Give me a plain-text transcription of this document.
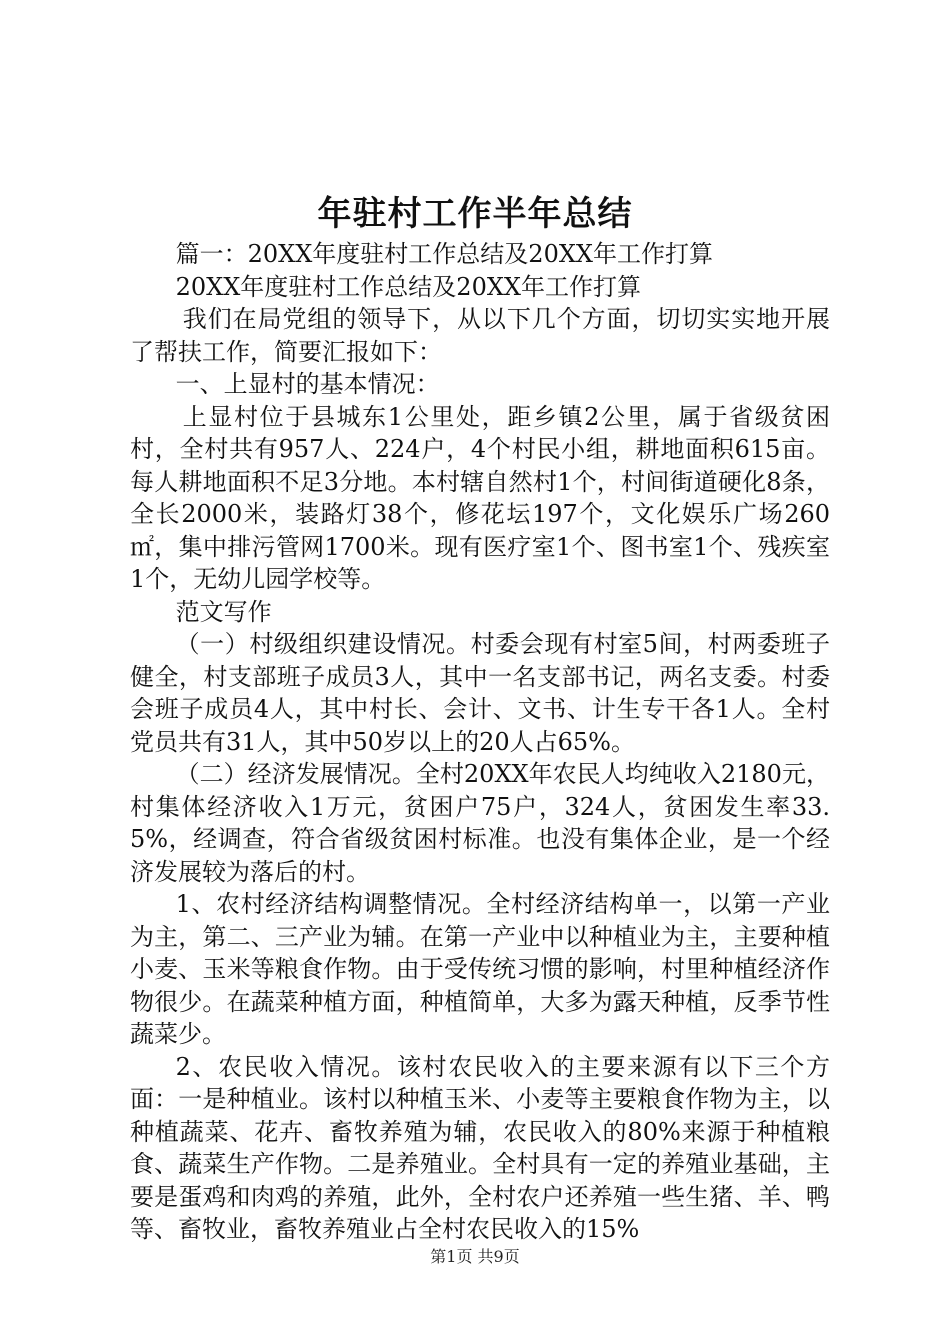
年驻村工作半年总结

篇一：20XX年度驻村工作总结及20XX年工作打算

20XX年度驻村工作总结及20XX年工作打算

我们在局党组的领导下，从以下几个方面，切切实实地开展了帮扶工作，简要汇报如下：

一、上显村的基本情况：

上显村位于县城东1公里处，距乡镇2公里，属于省级贫困村，全村共有957人、224户，4个村民小组，耕地面积615亩。每人耕地面积不足3分地。本村辖自然村1个，村间街道硬化8条，全长2000米，装路灯38个，修花坛197个，文化娱乐广场260㎡，集中排污管网1700米。现有医疗室1个、图书室1个、残疾室1个，无幼儿园学校等。

范文写作

（一）村级组织建设情况。村委会现有村室5间，村两委班子健全，村支部班子成员3人，其中一名支部书记，两名支委。村委会班子成员4人，其中村长、会计、文书、计生专干各1人。全村党员共有31人，其中50岁以上的20人占65%。

（二）经济发展情况。全村20XX年农民人均纯收入2180元，村集体经济收入1万元，贫困户75户，324人，贫困发生率33.5%，经调查，符合省级贫困村标准。也没有集体企业，是一个经济发展较为落后的村。

1、农村经济结构调整情况。全村经济结构单一，以第一产业为主，第二、三产业为辅。在第一产业中以种植业为主，主要种植小麦、玉米等粮食作物。由于受传统习惯的影响，村里种植经济作物很少。在蔬菜种植方面，种植简单，大多为露天种植，反季节性蔬菜少。

2、农民收入情况。该村农民收入的主要来源有以下三个方面：一是种植业。该村以种植玉米、小麦等主要粮食作物为主，以种植蔬菜、花卉、畜牧养殖为辅，农民收入的80%来源于种植粮食、蔬菜生产作物。二是养殖业。全村具有一定的养殖业基础，主要是蛋鸡和肉鸡的养殖，此外，全村农户还养殖一些生猪、羊、鸭等、畜牧业，畜牧养殖业占全村农民收入的15%

第1页 共9页
